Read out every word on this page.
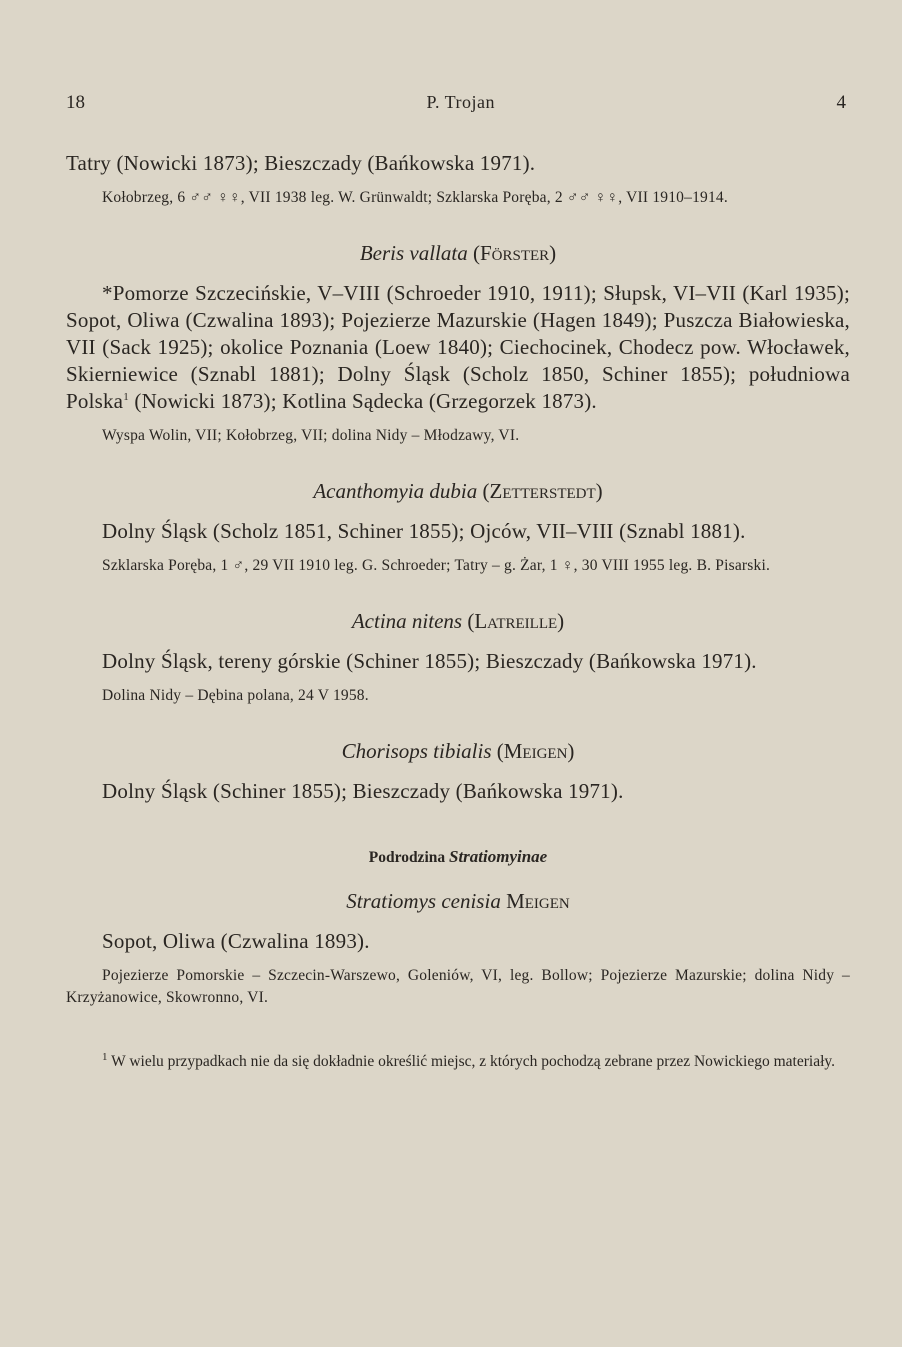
18	P. Trojan	4

Tatry (Nowicki 1873); Bieszczady (Bańkowska 1971).

Kołobrzeg, 6 ♂♂ ♀♀, VII 1938 leg. W. Grünwaldt; Szklarska Poręba, 2 ♂♂ ♀♀, VII 1910–1914.

Beris vallata (Förster)

*Pomorze Szczecińskie, V–VIII (Schroeder 1910, 1911); Słupsk, VI–VII (Karl 1935); Sopot, Oliwa (Czwalina 1893); Pojezierze Mazurskie (Hagen 1849); Puszcza Białowieska, VII (Sack 1925); okolice Poznania (Loew 1840); Ciechocinek, Chodecz pow. Włocławek, Skierniewice (Sznabl 1881); Dolny Śląsk (Scholz 1850, Schiner 1855); południowa Polska$^1$ (Nowicki 1873); Kotlina Sądecka (Grzegorzek 1873).

Wyspa Wolin, VII; Kołobrzeg, VII; dolina Nidy – Młodzawy, VI.

Acanthomyia dubia (Zetterstedt)

Dolny Śląsk (Scholz 1851, Schiner 1855); Ojców, VII–VIII (Sznabl 1881).

Szklarska Poręba, 1 ♂, 29 VII 1910 leg. G. Schroeder; Tatry – g. Żar, 1 ♀, 30 VIII 1955 leg. B. Pisarski.

Actina nitens (Latreille)

Dolny Śląsk, tereny górskie (Schiner 1855); Bieszczady (Bańkowska 1971).

Dolina Nidy – Dębina polana, 24 V 1958.

Chorisops tibialis (Meigen)

Dolny Śląsk (Schiner 1855); Bieszczady (Bańkowska 1971).

Podrodzina Stratiomyinae
Stratiomys cenisia Meigen

Sopot, Oliwa (Czwalina 1893).

Pojezierze Pomorskie – Szczecin-Warszewo, Goleniów, VI, leg. Bollow; Pojezierze Mazurskie; dolina Nidy – Krzyżanowice, Skowronno, VI.

$^1$ W wielu przypadkach nie da się dokładnie określić miejsc, z których pochodzą zebrane przez Nowickiego materiały.
